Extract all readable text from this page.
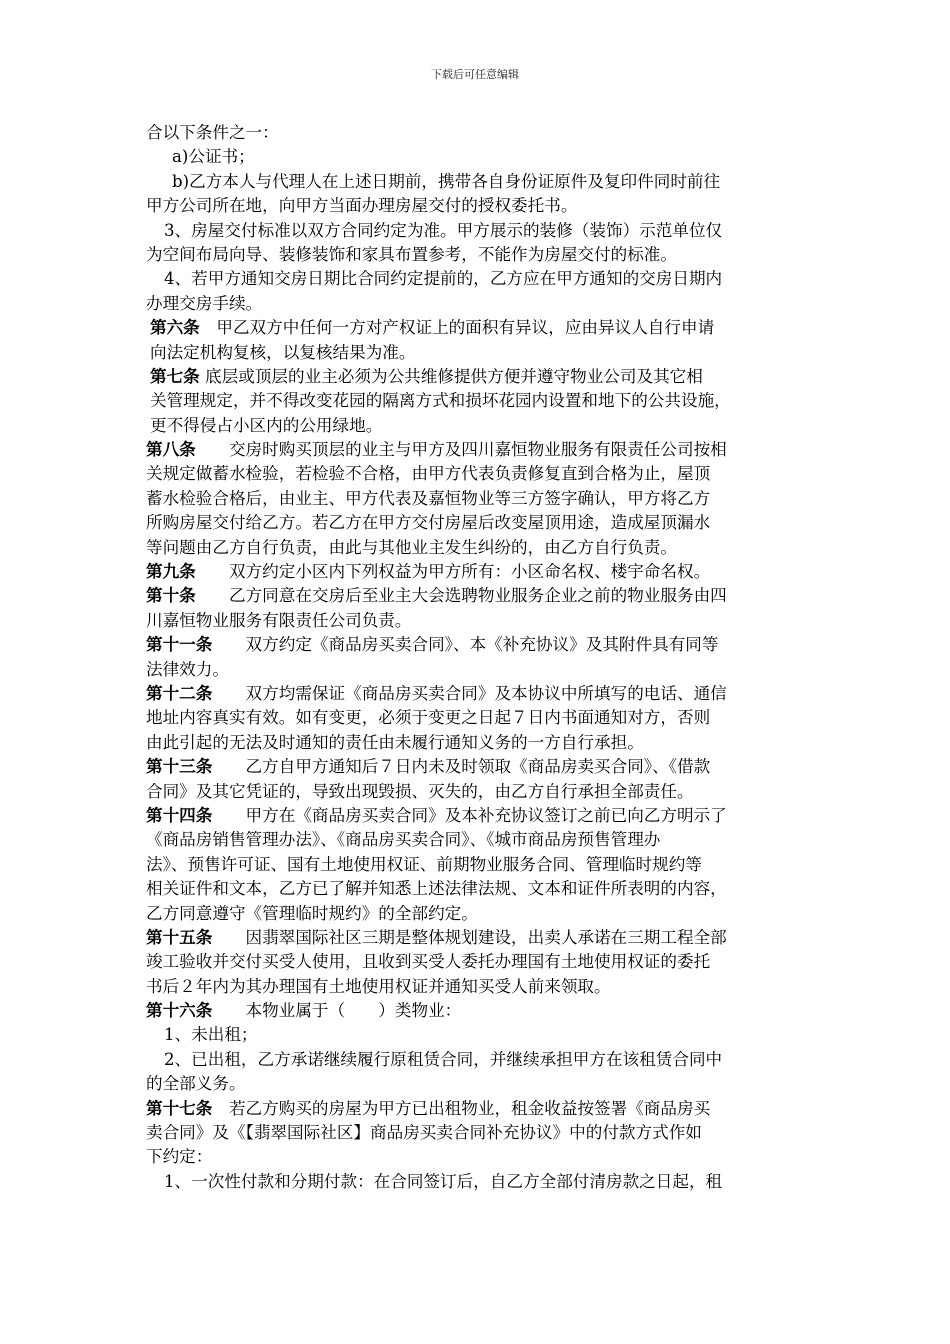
下载后可任意编辑
合以下条件之一：
a)公证书；
b)乙方本人与代理人在上述日期前，携带各自身份证原件及复印件同时前往
甲方公司所在地，向甲方当面办理房屋交付的授权委托书。
3、房屋交付标准以双方合同约定为准。甲方展示的装修（装饰）示范单位仅
为空间布局向导、装修装饰和家具布置参考，不能作为房屋交付的标准。
4、若甲方通知交房日期比合同约定提前的，乙方应在甲方通知的交房日期内
办理交房手续。
第六条　甲乙双方中任何一方对产权证上的面积有异议，应由异议人自行申请
向法定机构复核，以复核结果为准。
第七条 底层或顶层的业主必须为公共维修提供方便并遵守物业公司及其它相
关管理规定，并不得改变花园的隔离方式和损坏花园内设置和地下的公共设施，
更不得侵占小区内的公用绿地。
第八条　　交房时购买顶层的业主与甲方及四川嘉恒物业服务有限责任公司按相
关规定做蓄水检验，若检验不合格，由甲方代表负责修复直到合格为止，屋顶
蓄水检验合格后，由业主、甲方代表及嘉恒物业等三方签字确认，甲方将乙方
所购房屋交付给乙方。若乙方在甲方交付房屋后改变屋顶用途，造成屋顶漏水
等问题由乙方自行负责，由此与其他业主发生纠纷的，由乙方自行负责。
第九条　　双方约定小区内下列权益为甲方所有：小区命名权、楼宇命名权。
第十条　　乙方同意在交房后至业主大会选聘物业服务企业之前的物业服务由四
川嘉恒物业服务有限责任公司负责。
第十一条　　双方约定《商品房买卖合同》、本《补充协议》及其附件具有同等
法律效力。
第十二条　　双方均需保证《商品房买卖合同》及本协议中所填写的电话、通信
地址内容真实有效。如有变更，必须于变更之日起７日内书面通知对方，否则
由此引起的无法及时通知的责任由未履行通知义务的一方自行承担。
第十三条　　乙方自甲方通知后７日内未及时领取《商品房卖买合同》、《借款
合同》及其它凭证的，导致出现毁损、灭失的，由乙方自行承担全部责任。
第十四条　　甲方在《商品房买卖合同》及本补充协议签订之前已向乙方明示了
《商品房销售管理办法》、《商品房买卖合同》、《城市商品房预售管理办
法》、预售许可证、国有土地使用权证、前期物业服务合同、管理临时规约等
相关证件和文本，乙方已了解并知悉上述法律法规、文本和证件所表明的内容，
乙方同意遵守《管理临时规约》的全部约定。
第十五条　　因翡翠国际社区三期是整体规划建设，出卖人承诺在三期工程全部
竣工验收并交付买受人使用，且收到买受人委托办理国有土地使用权证的委托
书后２年内为其办理国有土地使用权证并通知买受人前来领取。
第十六条　　本物业属于（　　）类物业：
1、未出租；
2、已出租，乙方承诺继续履行原租赁合同，并继续承担甲方在该租赁合同中
的全部义务。
第十七条　若乙方购买的房屋为甲方已出租物业，租金收益按签署《商品房买
卖合同》及《【翡翠国际社区】商品房买卖合同补充协议》中的付款方式作如
下约定：
1、一次性付款和分期付款：在合同签订后，自乙方全部付清房款之日起，租
